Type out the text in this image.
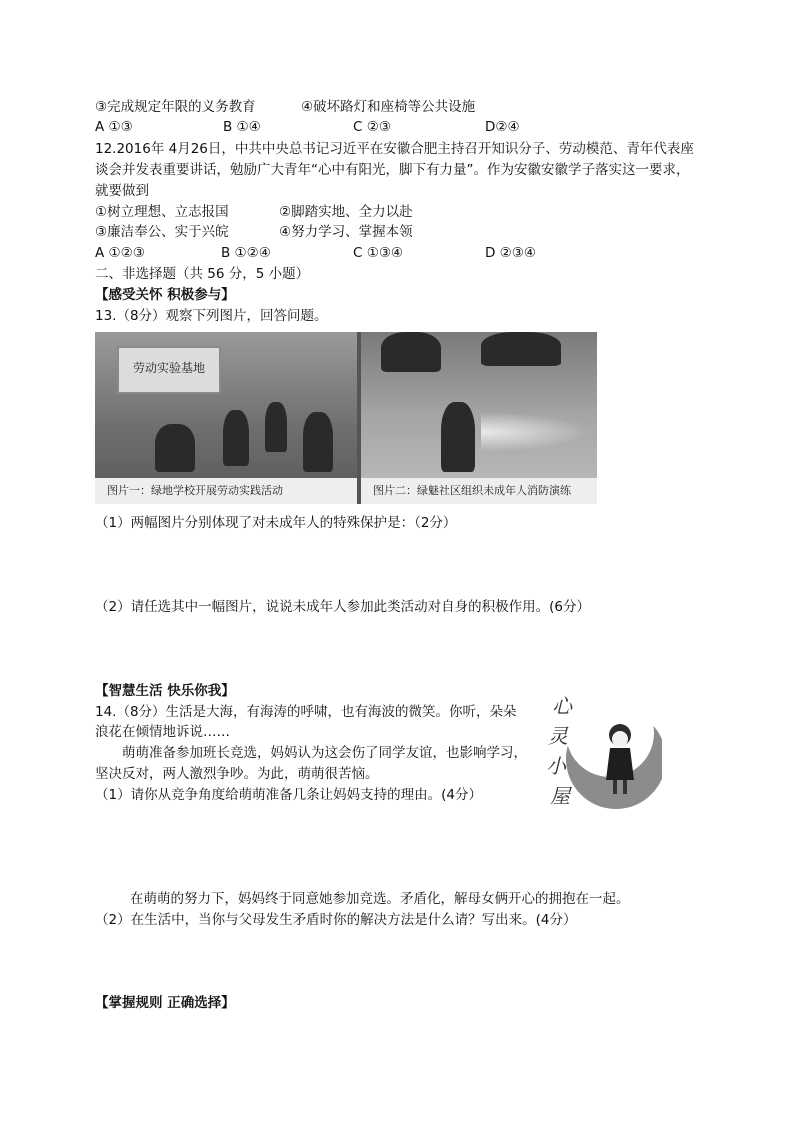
③完成规定年限的义务教育	④破坏路灯和座椅等公共设施
A ①③	B ①④	C ②③	D②④
12.2016年 4月26日，中共中央总书记习近平在安徽合肥主持召开知识分子、劳动模范、青年代表座
谈会并发表重要讲话，勉励广大青年“心中有阳光，脚下有力量”。作为安徽安徽学子落实这一要求，
就要做到
①树立理想、立志报国	②脚踏实地、全力以赴
③廉洁奉公、实于兴皖	④努力学习、掌握本领
A ①②③	B ①②④	C ①③④	D ②③④
二、非选择题（共 56 分，5 小题）
【感受关怀 积极参与】
13.（8分）观察下列图片，回答问题。
劳动实验基地
图片一：绿地学校开展劳动实践活动	图片二：绿魅社区组织未成年人消防演练
（1）两幅图片分别体现了对未成年人的特殊保护是：（2分）
（2）请任选其中一幅图片，说说未成年人参加此类活动对自身的积极作用。(6分）
【智慧生活 快乐你我】
14.（8分）生活是大海，有海涛的呼啸，也有海波的微笑。你听，朵朵
浪花在倾情地诉说……
萌萌准备参加班长竞选，妈妈认为这会伤了同学友谊，也影响学习，
坚决反对，两人激烈争吵。为此，萌萌很苦恼。
（1）请你从竞争角度给萌萌准备几条让妈妈支持的理由。(4分）
心
灵
小
屋
在萌萌的努力下，妈妈终于同意她参加竞选。矛盾化，解母女俩开心的拥抱在一起。
（2）在生活中，当你与父母发生矛盾时你的解决方法是什么请？写出来。(4分）
【掌握规则 正确选择】
